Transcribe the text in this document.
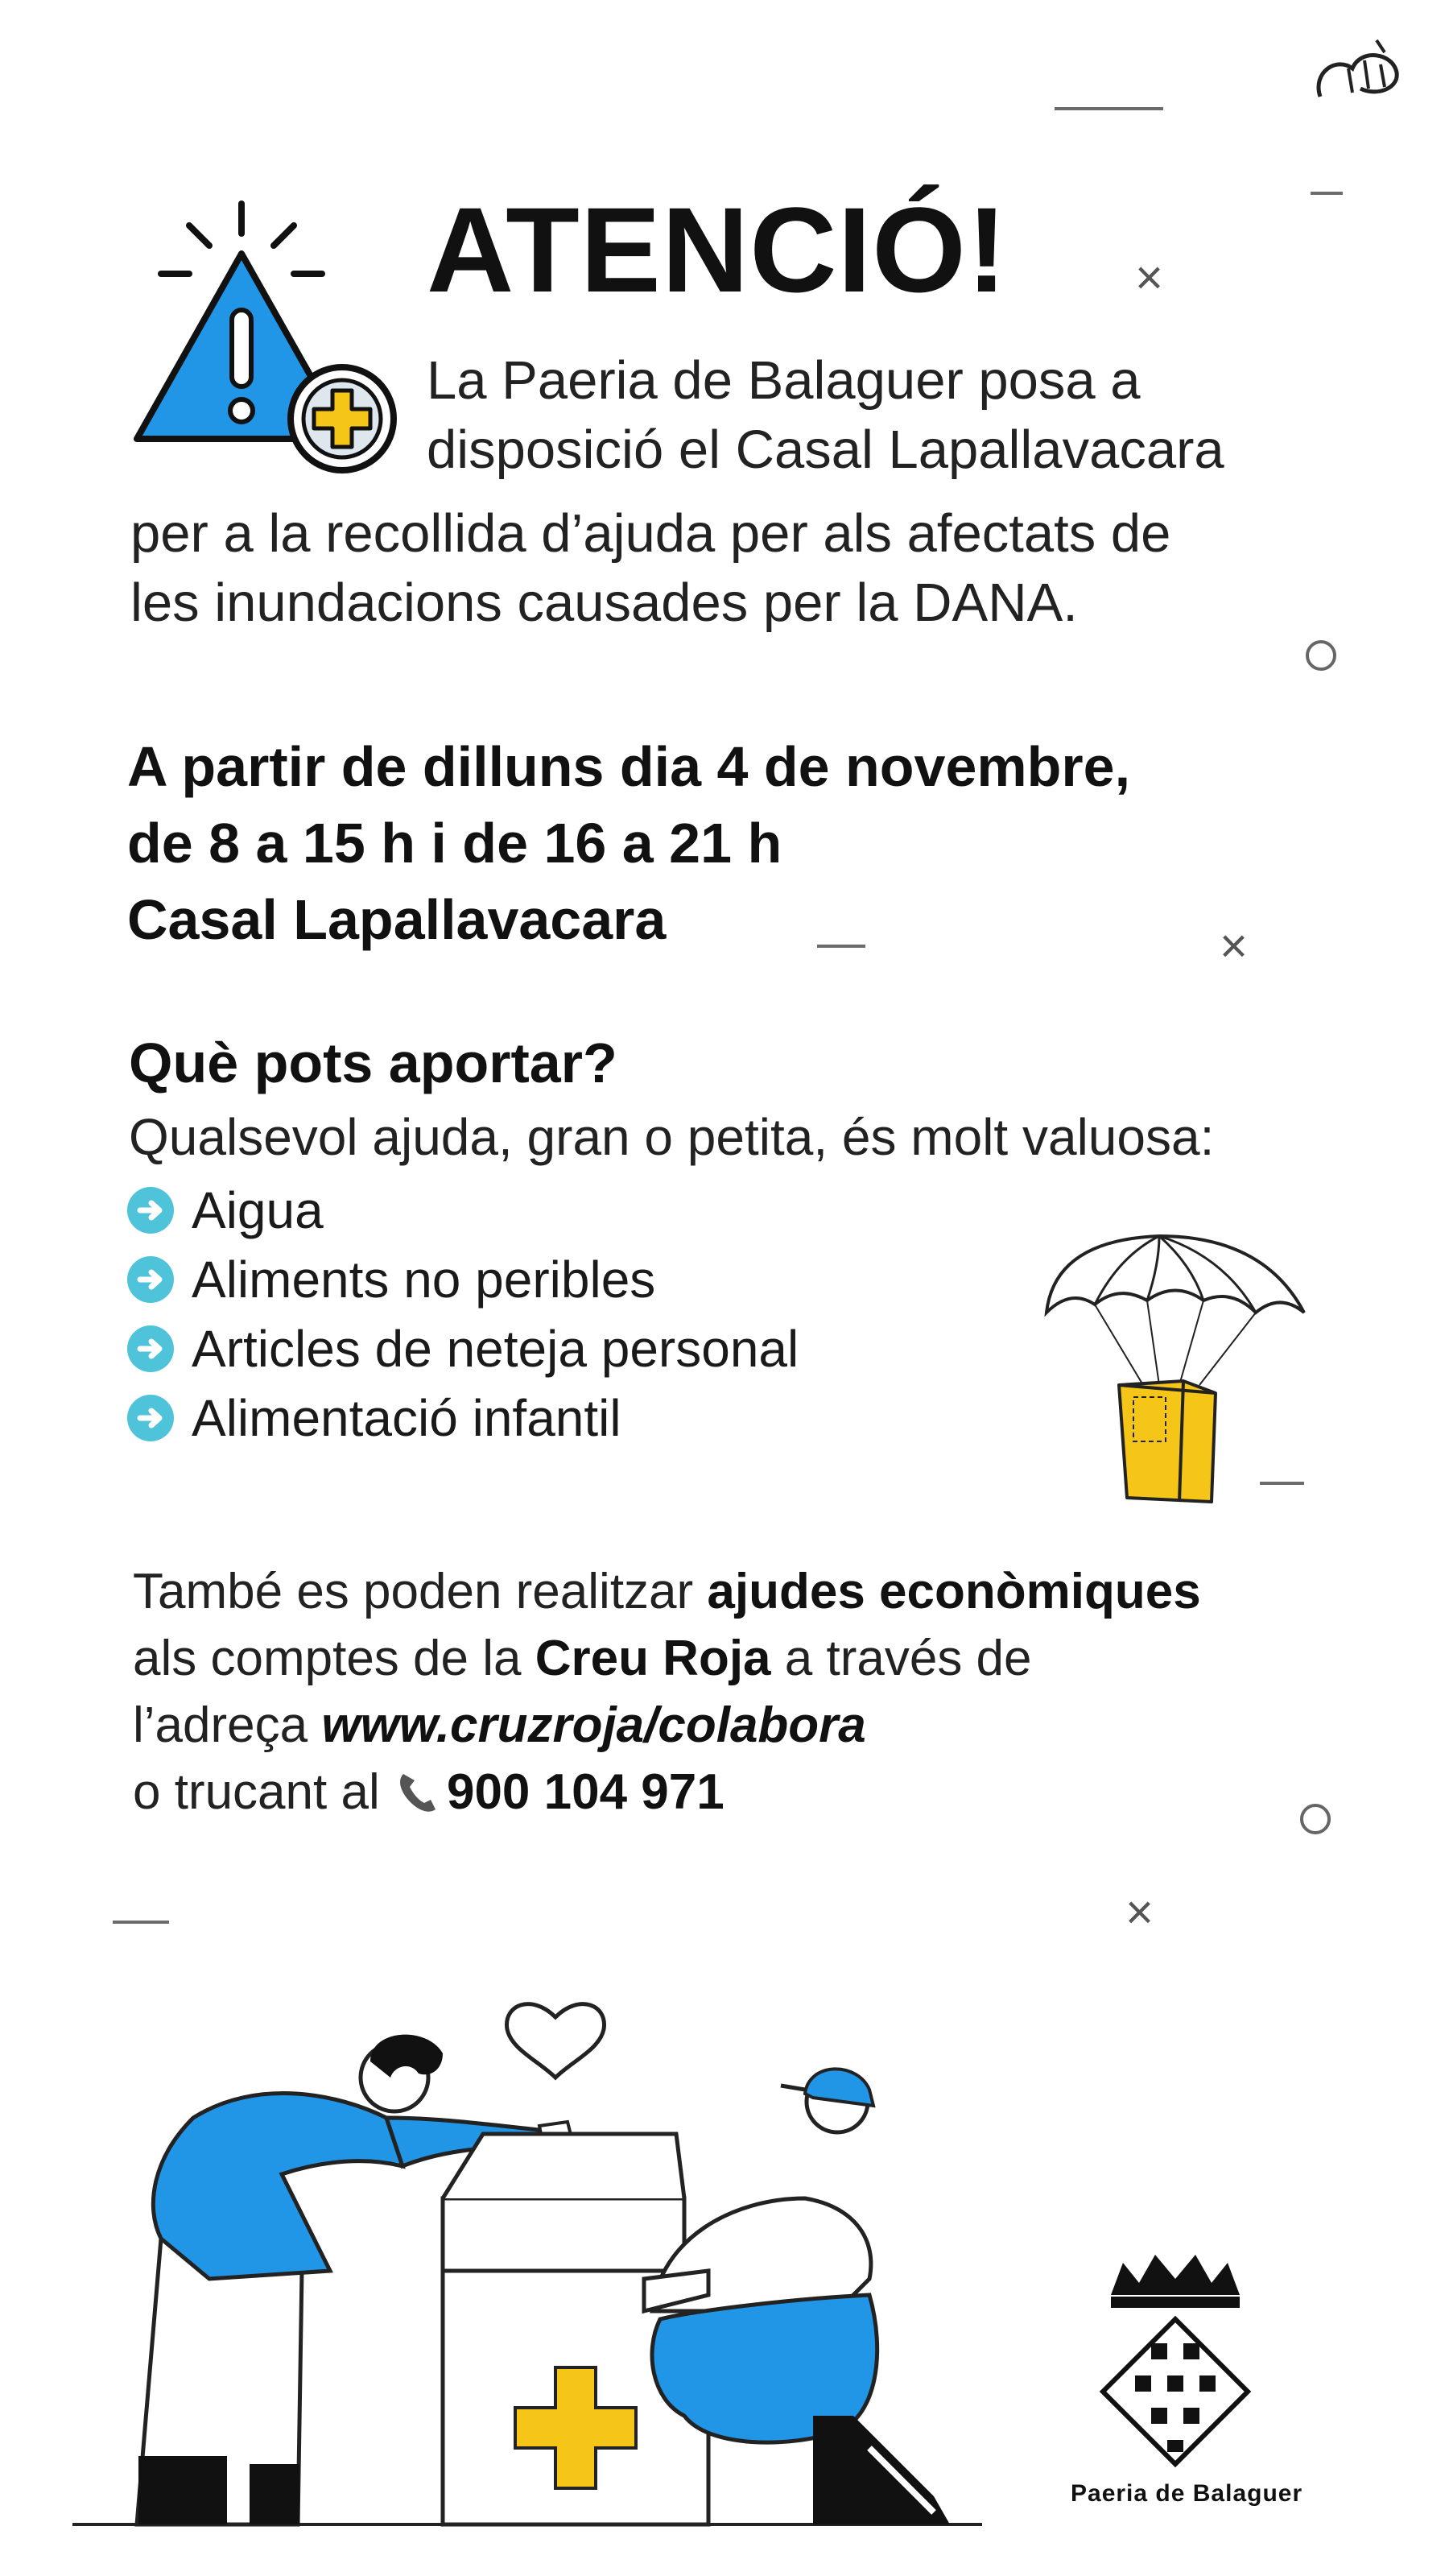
×
×
×
ATENCIÓ!
La Paeria de Balaguer posa a
disposició el Casal Lapallavacara
per a la recollida d’ajuda per als afectats de
les inundacions causades per la DANA.
A partir de dilluns dia 4 de novembre,
de 8 a 15 h i de 16 a 21 h
Casal Lapallavacara
Què pots aportar?
Qualsevol ajuda, gran o petita, és molt valuosa:
Aigua
Aliments no peribles
Articles de neteja personal
Alimentació infantil
També es poden realitzar ajudes econòmiques
als comptes de la Creu Roja a través de
l’adreça www.cruzroja/colabora
o trucant al 900 104 971
Paeria de Balaguer
